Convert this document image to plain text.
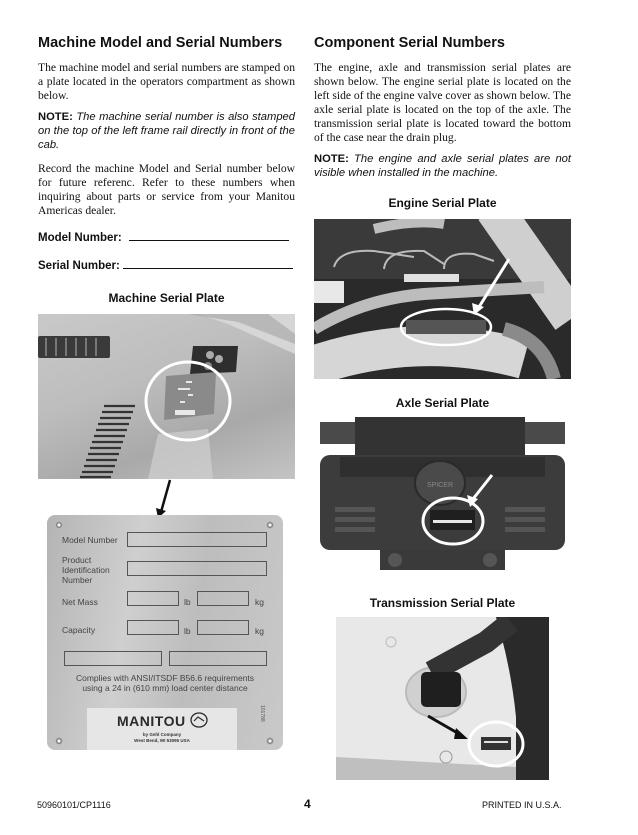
Machine Model and Serial Numbers

The machine model and serial numbers are stamped on a plate located in the operators compartment as shown below.

NOTE: The machine serial number is also stamped on the top of the left frame rail directly in front of the cab.

Record the machine Model and Serial number below for future referenc. Refer to these numbers when inquiring about parts or service from your Manitou Americas dealer.

Model Number:
Serial Number:
Machine Serial Plate
Model Number
Product
Identification
Number
Net Mass	lb	kg
Capacity	lb	kg
Complies with ANSI/ITSDF B56.6 requirements
using a 24 in (610 mm) load center distance
MANITOU
by Gehl Company
West Bend, WI 53095 USA
101788
Component Serial Numbers

The engine, axle and transmission serial plates are shown below. The engine serial plate is located on the left side of the engine valve cover as shown below. The axle serial plate is located on the top of the axle. The transmission serial plate is located toward the bottom of the case near the drain plug.

NOTE: The engine and axle serial plates are not visible when installed in the machine.

Engine Serial Plate
Axle Serial Plate
SPICER
Transmission Serial Plate
50960101/CP1116	4	PRINTED IN U.S.A.
